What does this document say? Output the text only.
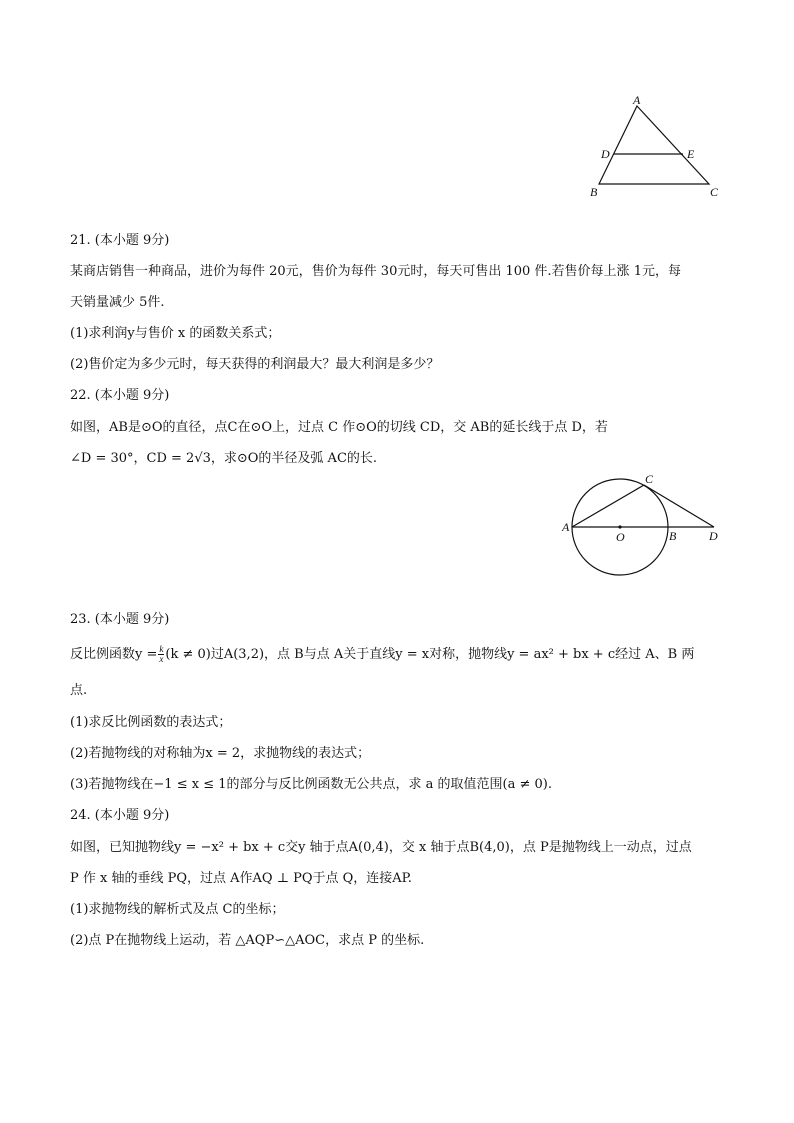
A
D	E
B	C
21. (本小题 9分)
某商店销售一种商品，进价为每件 20元，售价为每件 30元时，每天可售出 100 件.若售价每上涨 1元，每
天销量减少 5件.
(1)求利润y与售价 x 的函数关系式；
(2)售价定为多少元时，每天获得的利润最大？最大利润是多少？
22. (本小题 9分)
如图，AB是⊙O的直径，点C在⊙O上，过点 C 作⊙O的切线 CD，交 AB的延长线于点 D，若
∠D = 30°，CD = 2√3，求⊙O的半径及弧 AC的长.
A
C
O	B	D
23. (本小题 9分)
反比例函数$y = \frac{k}{x} (k \ne 0)$过A(3,2)，点 B与点 A关于直线y = x对称，抛物线y = ax² + bx + c经过 A、B 两
点.
(1)求反比例函数的表达式；
(2)若抛物线的对称轴为x = 2，求抛物线的表达式；
(3)若抛物线在−1 ≤ x ≤ 1的部分与反比例函数无公共点，求 a 的取值范围(a ≠ 0).
24. (本小题 9分)
如图，已知抛物线y = −x² + bx + c交y 轴于点A(0,4)，交 x 轴于点B(4,0)，点 P是抛物线上一动点，过点
P 作 x 轴的垂线 PQ，过点 A作AQ ⊥ PQ于点 Q，连接AP.
(1)求抛物线的解析式及点 C的坐标；
(2)点 P在抛物线上运动，若 △AQP∽△AOC，求点 P 的坐标.
